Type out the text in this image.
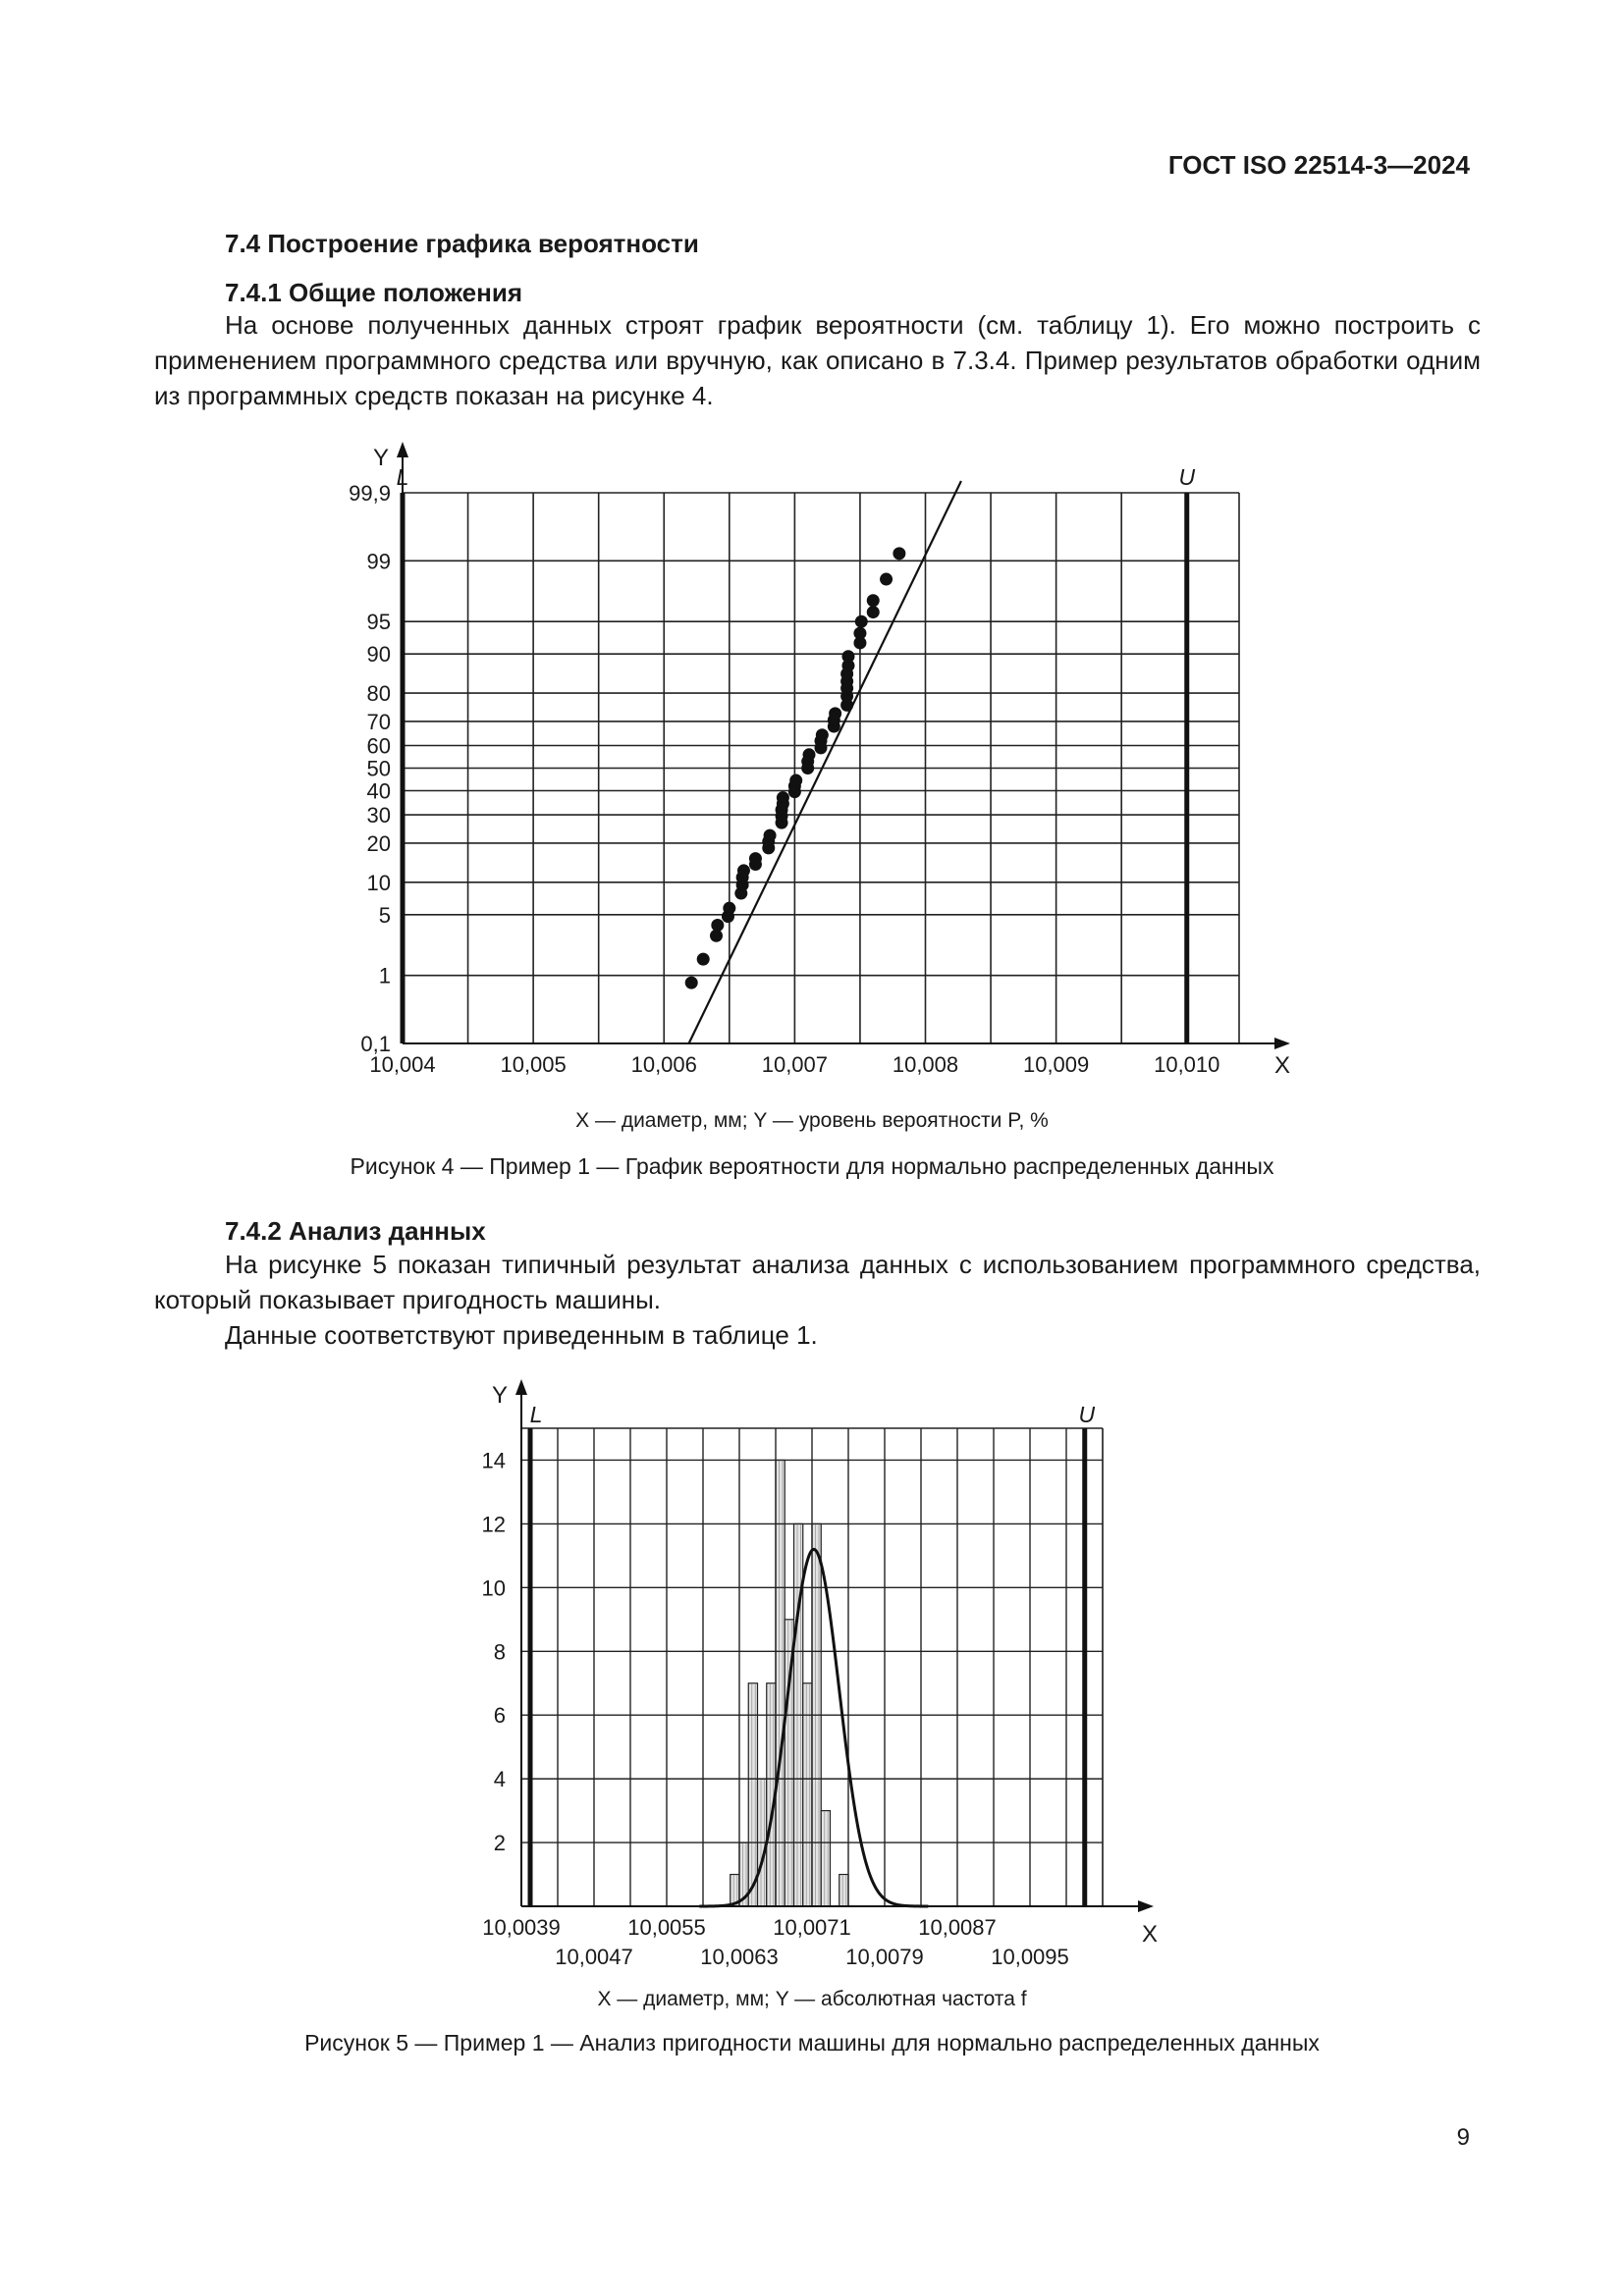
ГОСТ ISO 22514-3—2024
7.4 Построение графика вероятности
7.4.1 Общие положения
На основе полученных данных строят график вероятности (см. таблицу 1). Его можно построить с применением программного средства или вручную, как описано в 7.3.4. Пример результатов обработки одним из программных средств показан на рисунке 4.
L	U
0,1
1
5
10
20
30
40
50
60
70
80
90
95
99
99,9
Y
X
10,004	10,005	10,006	10,007	10,008	10,009	10,010
X — диаметр, мм; Y — уровень вероятности P, %
Рисунок 4 — Пример 1 — График вероятности для нормально распределенных данных
7.4.2 Анализ данных
На рисунке 5 показан типичный результат анализа данных с использованием программного средства, который показывает пригодность машины.
Данные соответствуют приведенным в таблице 1.
L	U
2
4
6
8
10
12
14
Y
X
10,0039	10,0055	10,0071	10,0087
10,0047	10,0063	10,0079	10,0095
X — диаметр, мм; Y — абсолютная частота f
Рисунок 5 — Пример 1 — Анализ пригодности машины для нормально распределенных данных
9
